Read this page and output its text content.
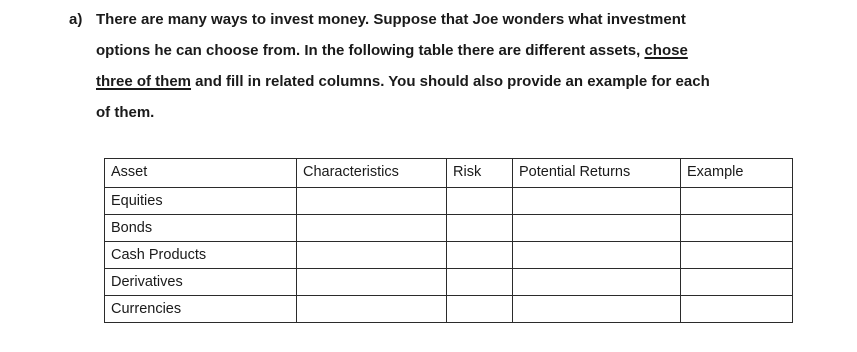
a) There are many ways to invest money. Suppose that Joe wonders what investment
options he can choose from. In the following table there are different assets, chose
three of them and fill in related columns. You should also provide an example for each
of them.
Asset	Characteristics	Risk	Potential Returns	Example
Equities				
Bonds				
Cash Products				
Derivatives				
Currencies				
